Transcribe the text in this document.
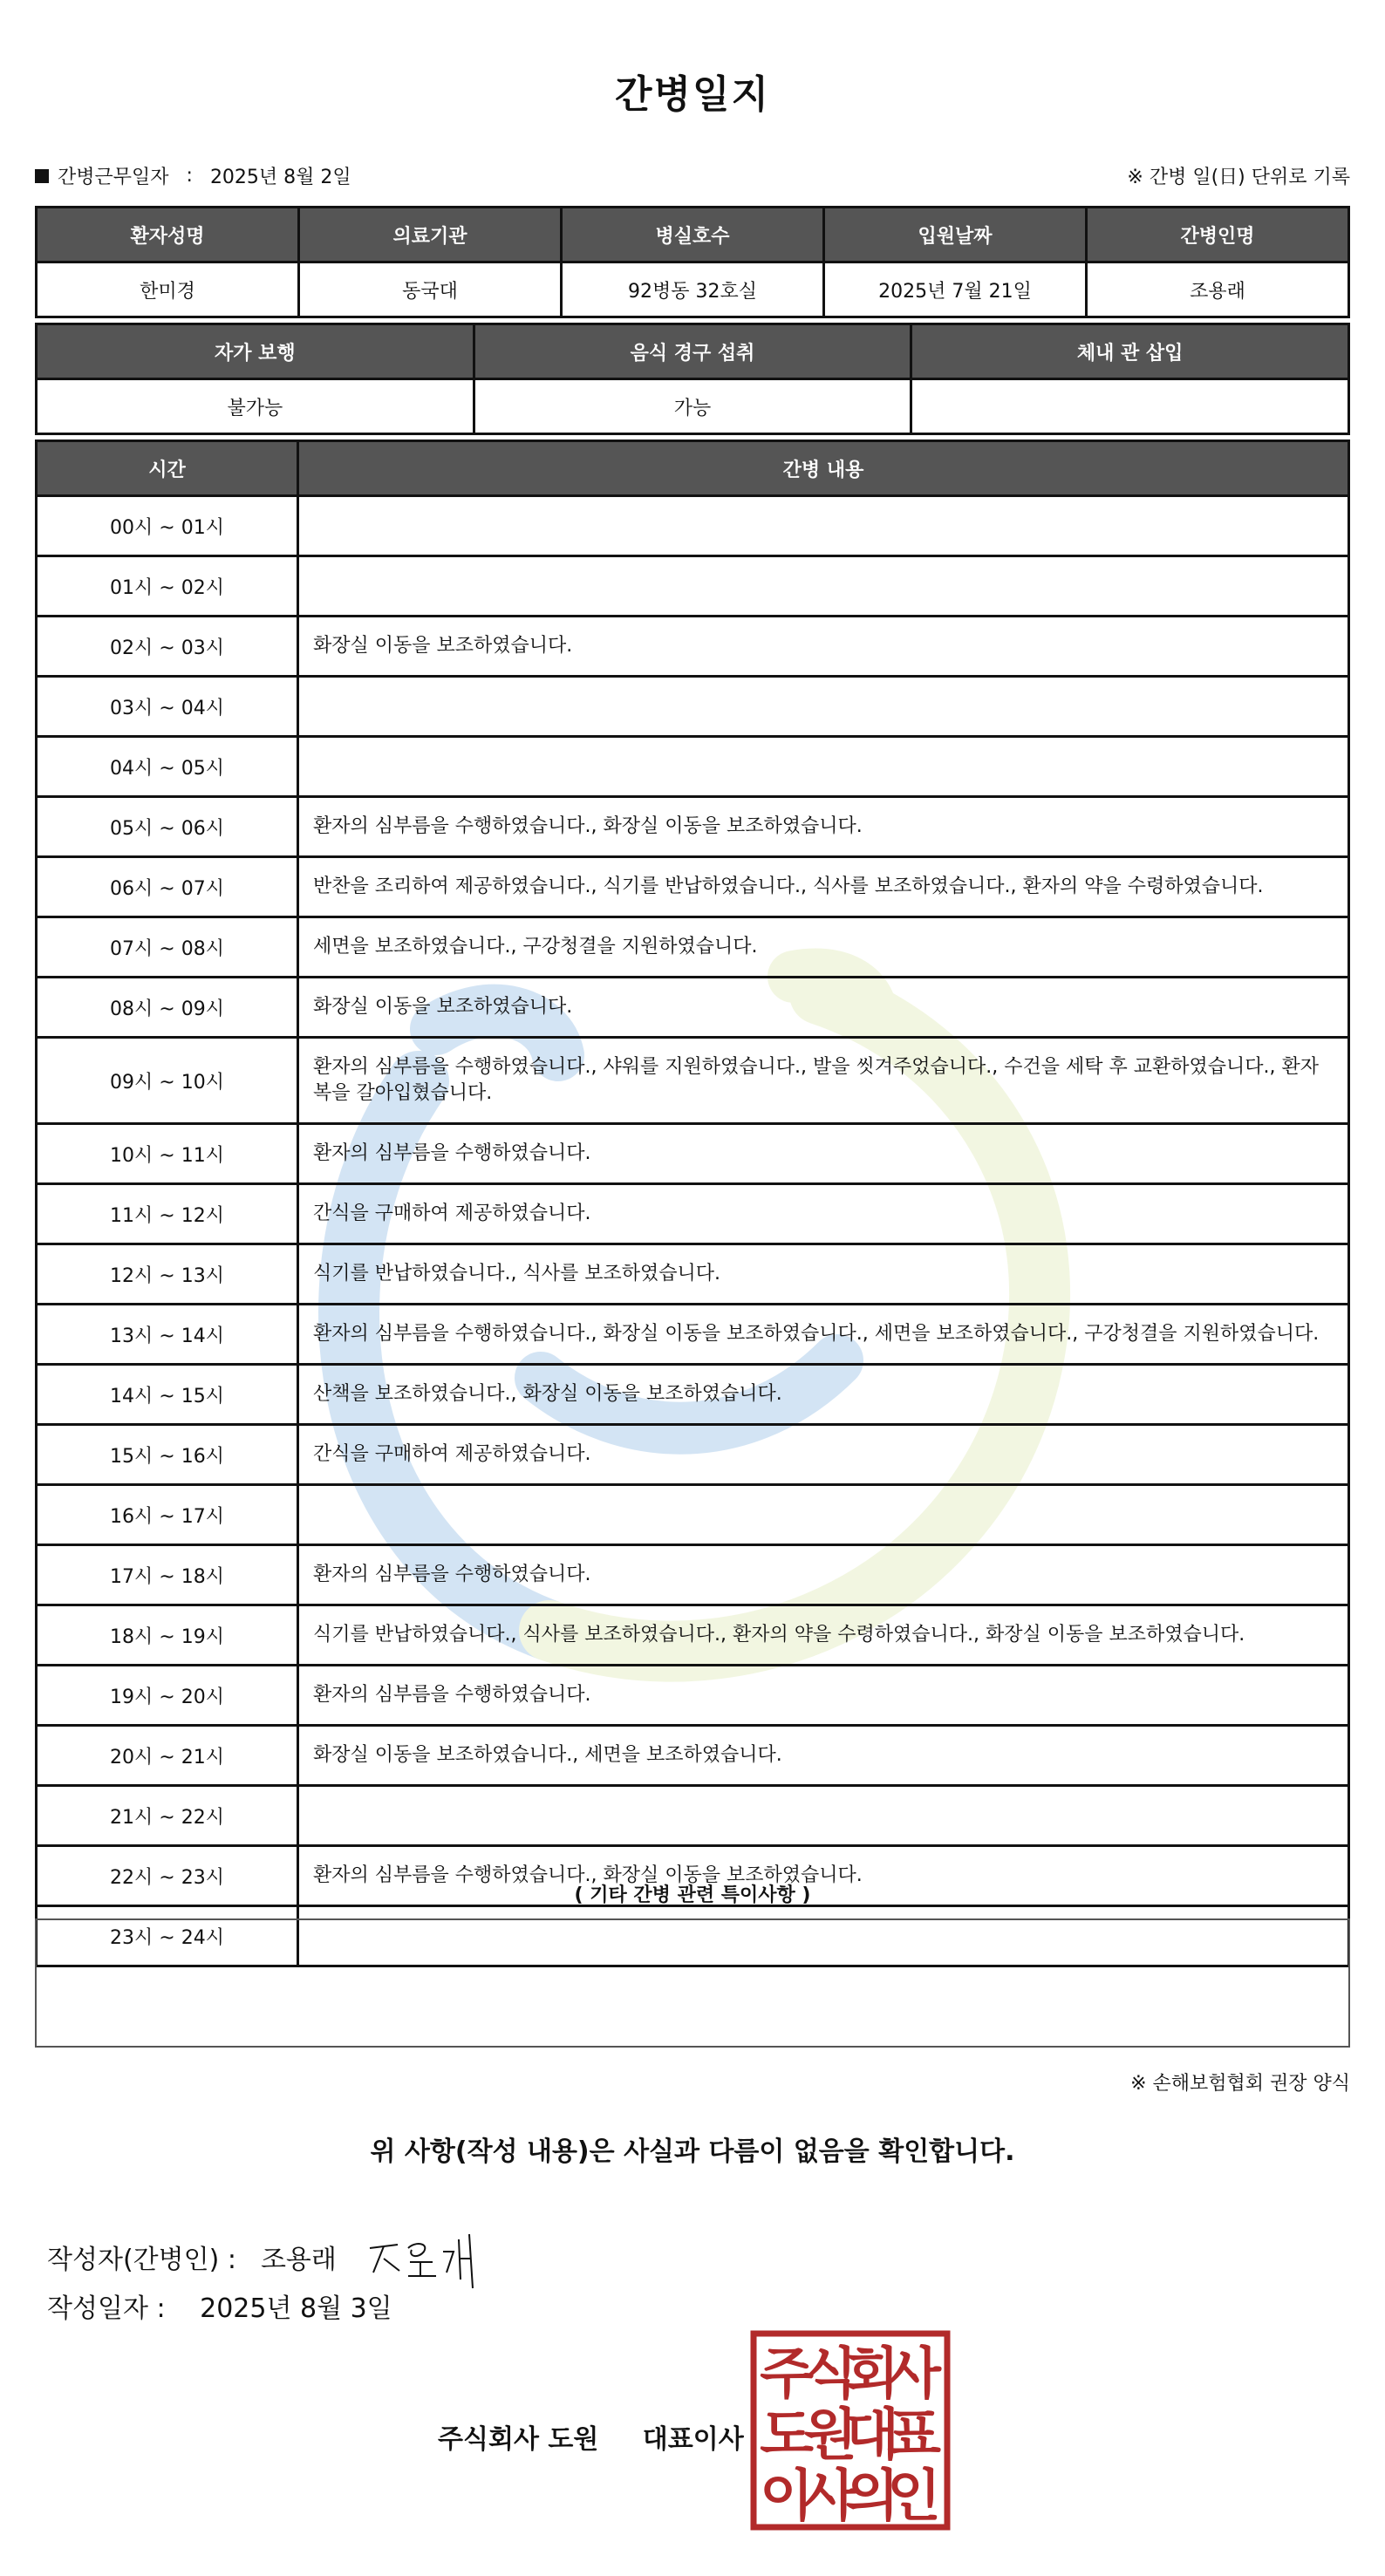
간병일지
간병근무일자 : 2025년 8월 2일	※ 간병 일(日) 단위로 기록
환자성명	의료기관	병실호수	입원날짜	간병인명
한미경	동국대	92병동 32호실	2025년 7월 21일	조용래
자가 보행	음식 경구 섭취	체내 관 삽입
불가능	가능	
시간	간병 내용
00시 ~ 01시	
01시 ~ 02시	
02시 ~ 03시	화장실 이동을 보조하였습니다.
03시 ~ 04시	
04시 ~ 05시	
05시 ~ 06시	환자의 심부름을 수행하였습니다., 화장실 이동을 보조하였습니다.
06시 ~ 07시	반찬을 조리하여 제공하였습니다., 식기를 반납하였습니다., 식사를 보조하였습니다., 환자의 약을 수령하였습니다.
07시 ~ 08시	세면을 보조하였습니다., 구강청결을 지원하였습니다.
08시 ~ 09시	화장실 이동을 보조하였습니다.
09시 ~ 10시	환자의 심부름을 수행하였습니다., 샤워를 지원하였습니다., 발을 씻겨주었습니다., 수건을 세탁 후 교환하였습니다., 환자복을 갈아입혔습니다.
10시 ~ 11시	환자의 심부름을 수행하였습니다.
11시 ~ 12시	간식을 구매하여 제공하였습니다.
12시 ~ 13시	식기를 반납하였습니다., 식사를 보조하였습니다.
13시 ~ 14시	환자의 심부름을 수행하였습니다., 화장실 이동을 보조하였습니다., 세면을 보조하였습니다., 구강청결을 지원하였습니다.
14시 ~ 15시	산책을 보조하였습니다., 화장실 이동을 보조하였습니다.
15시 ~ 16시	간식을 구매하여 제공하였습니다.
16시 ~ 17시	
17시 ~ 18시	환자의 심부름을 수행하였습니다.
18시 ~ 19시	식기를 반납하였습니다., 식사를 보조하였습니다., 환자의 약을 수령하였습니다., 화장실 이동을 보조하였습니다.
19시 ~ 20시	환자의 심부름을 수행하였습니다.
20시 ~ 21시	화장실 이동을 보조하였습니다., 세면을 보조하였습니다.
21시 ~ 22시	
22시 ~ 23시	환자의 심부름을 수행하였습니다., 화장실 이동을 보조하였습니다.
23시 ~ 24시	
( 기타 간병 관련 특이사항 )
※ 손해보험협회 권장 양식
위 사항(작성 내용)은 사실과 다름이 없음을 확인합니다.
작성자(간병인) : 조용래
작성일자 : 2025년 8월 3일
주식회사 도원 대표이사
주
식
회
사
도
원
대
표
이
사
의
인
